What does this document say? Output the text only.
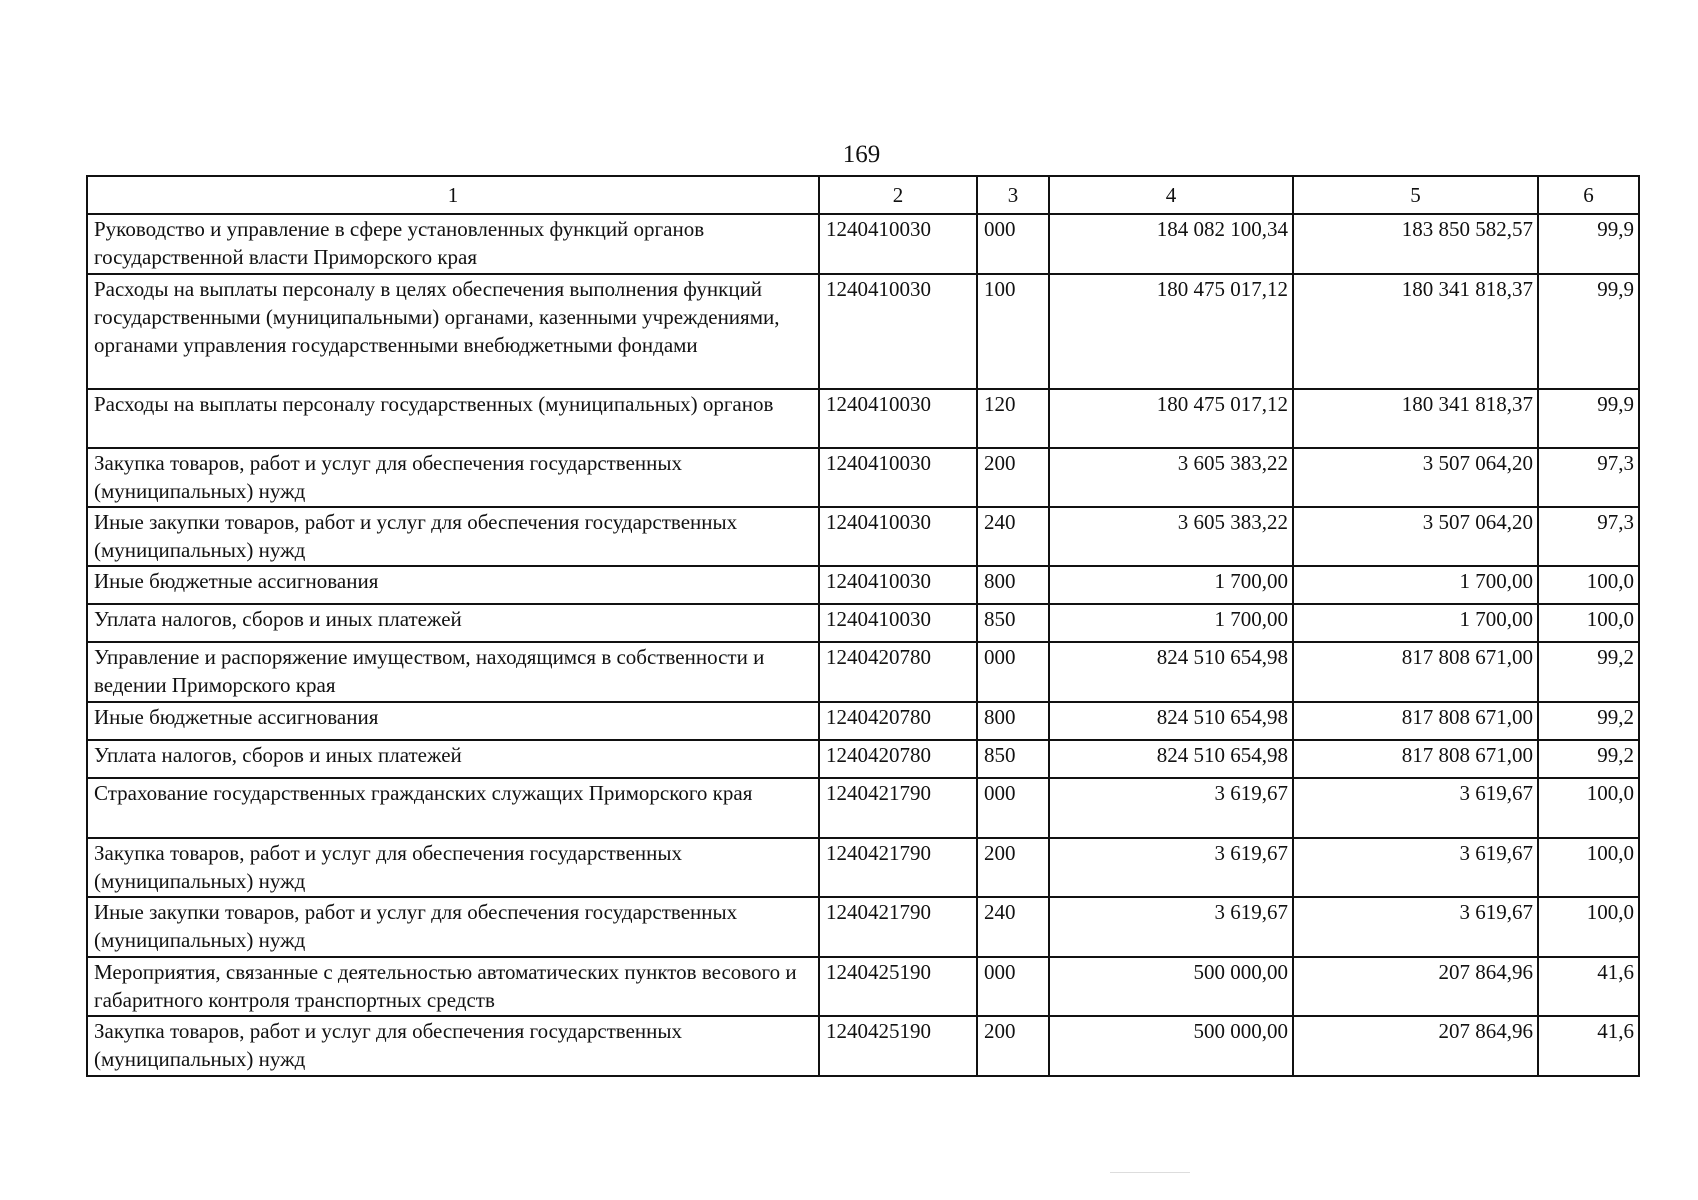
169
1	2	3	4	5	6
Руководство и управление в сфере установленных функций органов государственной власти Приморского края	1240410030	000	184 082 100,34	183 850 582,57	99,9
Расходы на выплаты персоналу в целях обеспечения выполнения функций государственными (муниципальными) органами, казенными учреждениями, органами управления государственными внебюджетными фондами	1240410030	100	180 475 017,12	180 341 818,37	99,9
Расходы на выплаты персоналу государственных (муниципальных) органов	1240410030	120	180 475 017,12	180 341 818,37	99,9
Закупка товаров, работ и услуг для обеспечения государственных (муниципальных) нужд	1240410030	200	3 605 383,22	3 507 064,20	97,3
Иные закупки товаров, работ и услуг для обеспечения государственных (муниципальных) нужд	1240410030	240	3 605 383,22	3 507 064,20	97,3
Иные бюджетные ассигнования	1240410030	800	1 700,00	1 700,00	100,0
Уплата налогов, сборов и иных платежей	1240410030	850	1 700,00	1 700,00	100,0
Управление и распоряжение имуществом, находящимся в собственности и ведении Приморского края	1240420780	000	824 510 654,98	817 808 671,00	99,2
Иные бюджетные ассигнования	1240420780	800	824 510 654,98	817 808 671,00	99,2
Уплата налогов, сборов и иных платежей	1240420780	850	824 510 654,98	817 808 671,00	99,2
Страхование государственных гражданских служащих Приморского края	1240421790	000	3 619,67	3 619,67	100,0
Закупка товаров, работ и услуг для обеспечения государственных (муниципальных) нужд	1240421790	200	3 619,67	3 619,67	100,0
Иные закупки товаров, работ и услуг для обеспечения государственных (муниципальных) нужд	1240421790	240	3 619,67	3 619,67	100,0
Мероприятия, связанные с деятельностью автоматических пунктов весового и габаритного контроля транспортных средств	1240425190	000	500 000,00	207 864,96	41,6
Закупка товаров, работ и услуг для обеспечения государственных (муниципальных) нужд	1240425190	200	500 000,00	207 864,96	41,6
